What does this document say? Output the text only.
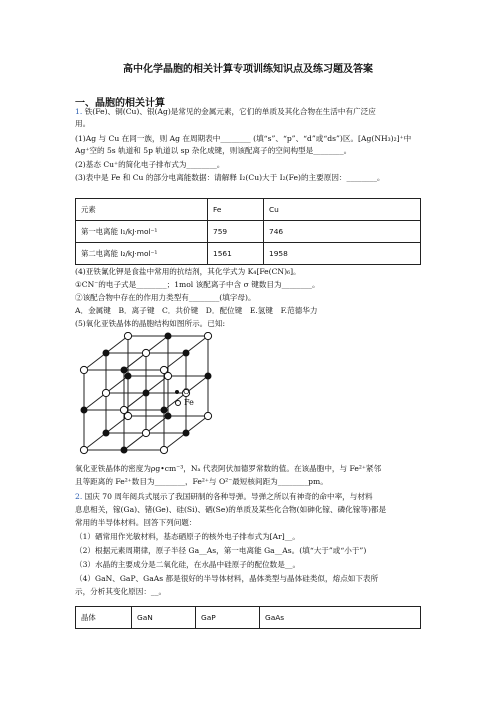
高中化学晶胞的相关计算专项训练知识点及练习题及答案
一、晶胞的相关计算
1. 铁(Fe)、铜(Cu)、银(Ag)是常见的金属元素，它们的单质及其化合物在生活中有广泛应
用。
(1)Ag 与 Cu 在同一族，则 Ag 在周期表中________ (填“s”、“p”、“d”或“ds”)区。[Ag(NH₃)₂]⁺中
Ag⁺空的 5s 轨道和 5p 轨道以 sp 杂化成键，则该配离子的空间构型是________。
(2)基态 Cu⁺的简化电子排布式为________。
(3)表中是 Fe 和 Cu 的部分电离能数据：请解释 I₂(Cu)大于 I₂(Fe)的主要原因：________。
元素	Fe	Cu
第一电离能 I₁/kJ·mol⁻¹	759	746
第二电离能 I₂/kJ·mol⁻¹	1561	1958
(4)亚铁氰化钾是食盐中常用的抗结剂，其化学式为 K₄[Fe(CN)₆]。
①CN⁻的电子式是________；1mol 该配离子中含 σ 键数目为________。
②该配合物中存在的作用力类型有________(填字母)。
A．金属键　B．离子键　C．共价键　D．配位键　E.氢键　F.范德华力
(5)氧化亚铁晶体的晶胞结构如图所示。已知:
O
Fe
氧化亚铁晶体的密度为ρg•cm⁻³，Nₐ 代表阿伏加德罗常数的值。在该晶胞中，与 Fe²⁺紧邻
且等距离的 Fe²⁺数目为________，Fe²⁺与 O²⁻最短核间距为________pm。
2. 国庆 70 周年阅兵式展示了我国研制的各种导弹。导弹之所以有神奇的命中率，与材料
息息相关，镓(Ga)、锗(Ge)、硅(Si)、硒(Se)的单质及某些化合物(如砷化镓、磷化镓等)都是
常用的半导体材料。回答下列问题：
（1）硒常用作光敏材料，基态硒原子的核外电子排布式为[Ar]__。
（2）根据元素周期律，原子半径 Ga__As，第一电离能 Ga__As。(填“大于”或“小于”)
（3）水晶的主要成分是二氧化硅，在水晶中硅原子的配位数是__。
（4）GaN、GaP、GaAs 都是很好的半导体材料，晶体类型与晶体硅类似，熔点如下表所
示，分析其变化原因：__。
晶体	GaN	GaP	GaAs
